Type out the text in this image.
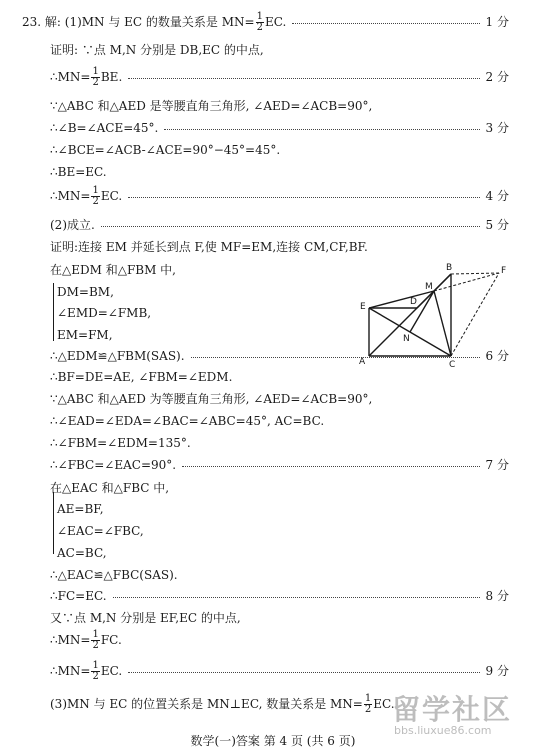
23. 解: (1)MN 与 EC 的数量关系是 $MN= \frac{1}{2}$ EC.	1 分
证明: ∵点 M,N 分别是 DB,EC 的中点,
∴MN= $\frac{1}{2}$ BE.	2 分
∵△ABC 和△AED 是等腰直角三角形, ∠AED=∠ACB=90°,
∴∠B=∠ACE=45°.	3 分
∴∠BCE=∠ACB-∠ACE=90°−45°=45°.
∴BE=EC.
∴MN= $\frac{1}{2}$ EC.	4 分
(2)成立.	5 分
证明:连接 EM 并延长到点 F,使 MF=EM,连接 CM,CF,BF.
在△EDM 和△FBM 中,
DM=BM,
∠EMD=∠FMB,
EM=FM,
∴△EDM≌△FBM(SAS).	6 分
∴BF=DE=AE, ∠FBM=∠EDM.
∵△ABC 和△AED 为等腰直角三角形, ∠AED=∠ACB=90°,
∴∠EAD=∠EDA=∠BAC=∠ABC=45°, AC=BC.
∴∠FBM=∠EDM=135°.
∴∠FBC=∠EAC=90°.	7 分
在△EAC 和△FBC 中,
AE=BF,
∠EAC=∠FBC,
AC=BC,
∴△EAC≌△FBC(SAS).
∴FC=EC.	8 分
又∵点 M,N 分别是 EF,EC 的中点,
∴MN= $\frac{1}{2}$ FC.
∴MN= $\frac{1}{2}$ EC.	9 分
(3)MN 与 EC 的位置关系是 MN⊥EC, 数量关系是 $MN= \frac{1}{2}$ EC.
A
B
C
D
E
F
M
N
留学社区
bbs.liuxue86.com
数学(一)答案 第 4 页 (共 6 页)
